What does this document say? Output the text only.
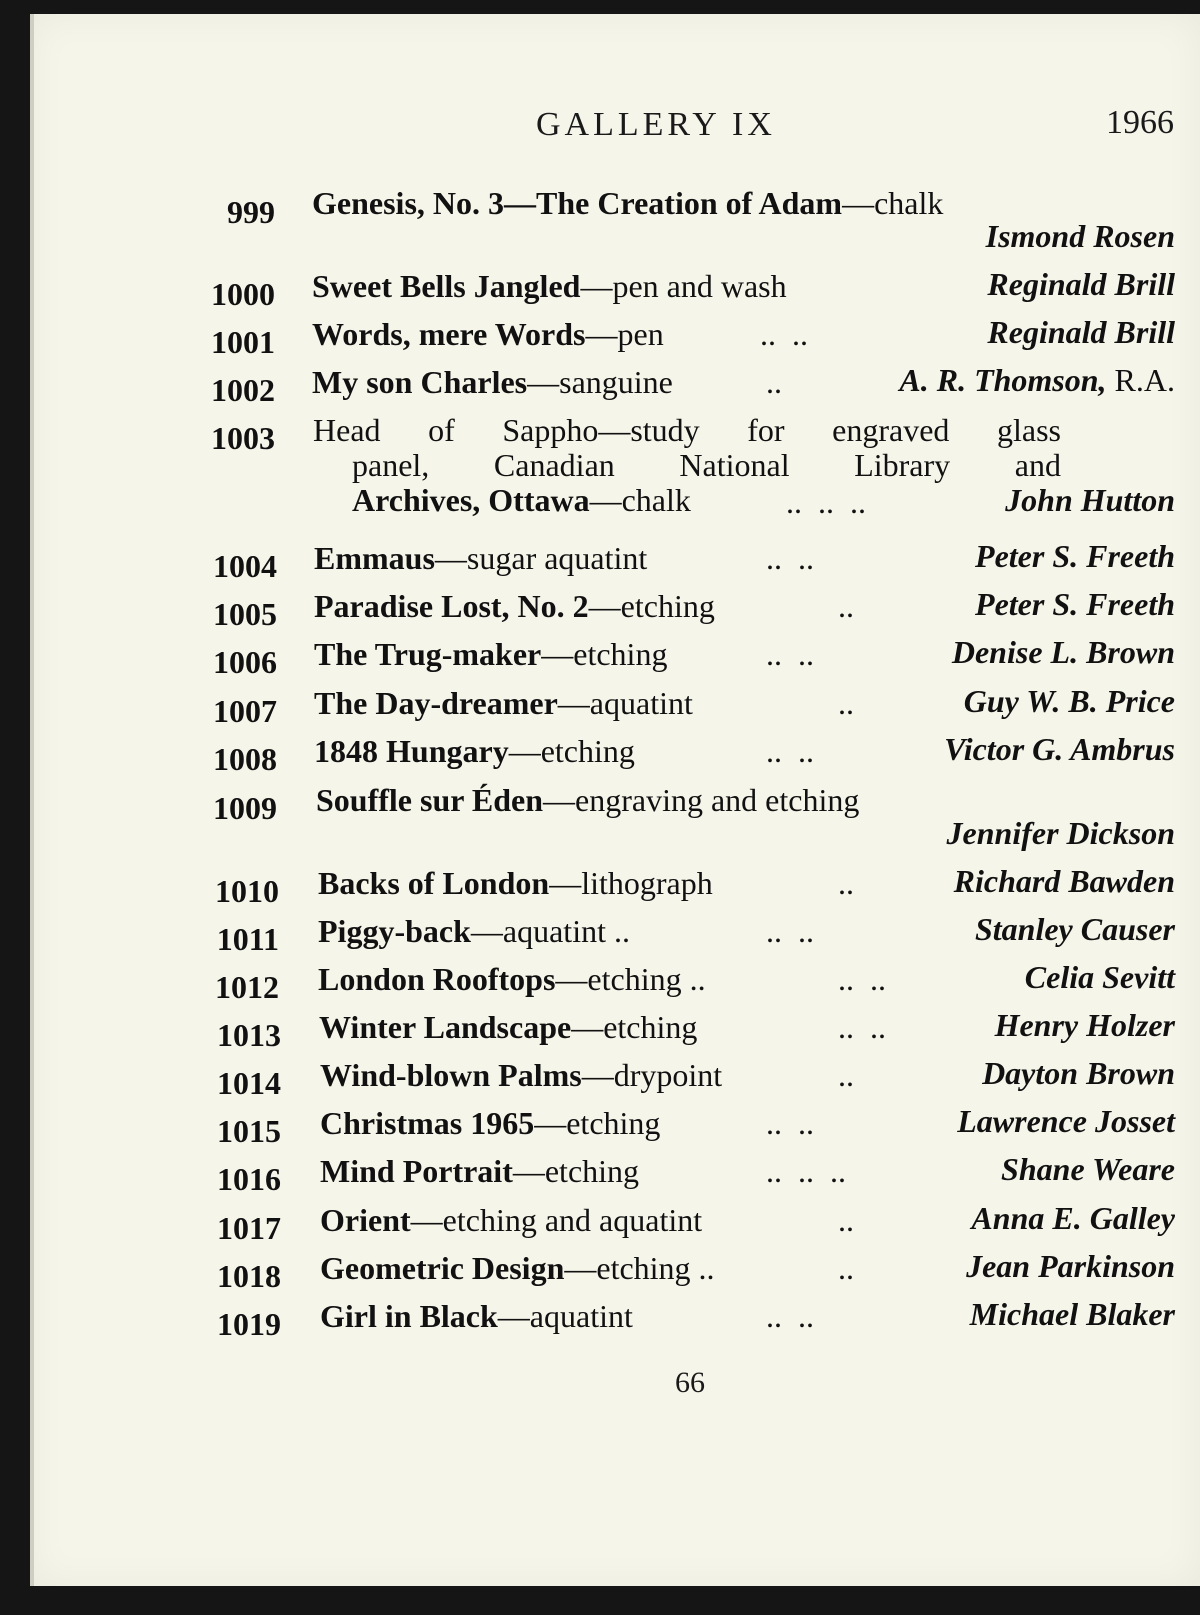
GALLERY IX	1966
999 Genesis, No. 3—The Creation of Adam—chalk
Ismond Rosen
1000 Sweet Bells Jangled—pen and wash	Reginald Brill
1001 Words, mere Words—pen	..  ..	Reginald Brill
1002 My son Charles—sanguine	..	A. R. Thomson, R.A.
1003 Head of Sappho—study for engraved glass
panel, Canadian National Library and
Archives, Ottawa—chalk	..  ..  ..	John Hutton
1004 Emmaus—sugar aquatint	..  ..	Peter S. Freeth
1005 Paradise Lost, No. 2—etching	..	Peter S. Freeth
1006 The Trug-maker—etching	..  ..	Denise L. Brown
1007 The Day-dreamer—aquatint	..	Guy W. B. Price
1008 1848 Hungary—etching	..  ..	Victor G. Ambrus
1009 Souffle sur Éden—engraving and etching
Jennifer Dickson
1010 Backs of London—lithograph	..	Richard Bawden
1011 Piggy-back—aquatint ..	..  ..	Stanley Causer
1012 London Rooftops—etching ..	..  ..	Celia Sevitt
1013 Winter Landscape—etching	..  ..	Henry Holzer
1014 Wind-blown Palms—drypoint	..	Dayton Brown
1015 Christmas 1965—etching	..  ..	Lawrence Josset
1016 Mind Portrait—etching	..  ..  ..	Shane Weare
1017 Orient—etching and aquatint	..	Anna E. Galley
1018 Geometric Design—etching ..	..	Jean Parkinson
1019 Girl in Black—aquatint	..  ..	Michael Blaker
66
